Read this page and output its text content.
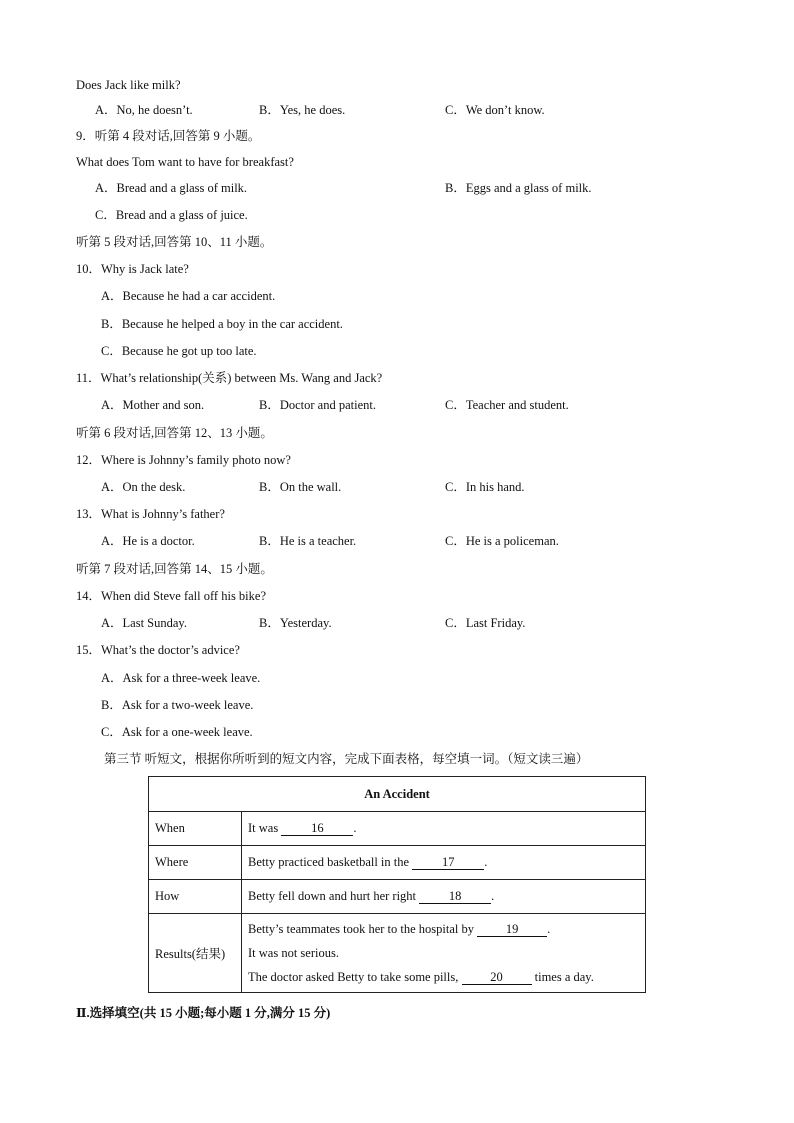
Does Jack like milk?
A．No, he doesn’t.	B．Yes, he does.	C．We don’t know.
9．听第 4 段对话,回答第 9 小题。
What does Tom want to have for breakfast?
A．Bread and a glass of milk.	B．Eggs and a glass of milk.
C．Bread and a glass of juice.
听第 5 段对话,回答第 10、11 小题。
10．Why is Jack late?
A．Because he had a car accident.
B．Because he helped a boy in the car accident.
C．Because he got up too late.
11．What’s relationship(关系) between Ms. Wang and Jack?
A．Mother and son.	B．Doctor and patient.	C．Teacher and student.
听第 6 段对话,回答第 12、13 小题。
12．Where is Johnny’s family photo now?
A．On the desk.	B．On the wall.	C．In his hand.
13．What is Johnny’s father?
A．He is a doctor.	B．He is a teacher.	C．He is a policeman.
听第 7 段对话,回答第 14、15 小题。
14．When did Steve fall off his bike?
A．Last Sunday.	B．Yesterday.	C．Last Friday.
15．What’s the doctor’s advice?
A．Ask for a three-week leave.
B．Ask for a two-week leave.
C．Ask for a one-week leave.
第三节 听短文，根据你所听到的短文内容，完成下面表格，每空填一词。（短文读三遍）
An Accident	
When	It was 16 .
Where	Betty practiced basketball in the 17 .
How	Betty fell down and hurt her right 18 .
Results(结果)	Betty’s teammates took her to the hospital by 19 .
It was not serious.
The doctor asked Betty to take some pills, 20 times a day.
Ⅱ.选择填空(共 15 小题;每小题 1 分,满分 15 分)
